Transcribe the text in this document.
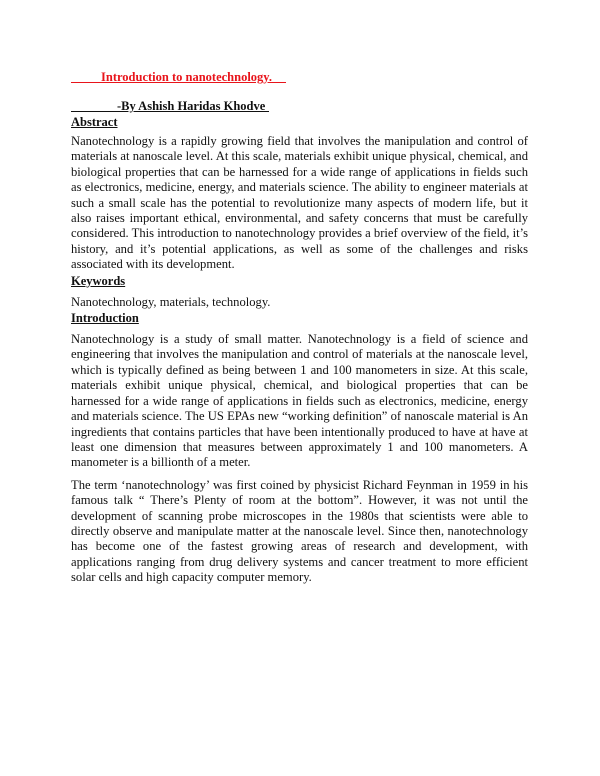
Introduction to nanotechnology.
-By Ashish Haridas Khodve
Abstract

Nanotechnology is a rapidly growing field that involves the manipulation and control of materials at nanoscale level. At this scale, materials exhibit unique physical, chemical, and biological properties that can be harnessed for a wide range of applications in fields such as electronics, medicine, energy, and materials science. The ability to engineer materials at such a small scale has the potential to revolutionize many aspects of modern life, but it also raises important ethical, environmental, and safety concerns that must be carefully considered. This introduction to nanotechnology provides a brief overview of the field, it’s history, and it’s potential applications, as well as some of the challenges and risks associated with its development.

Keywords

Nanotechnology, materials, technology.

Introduction

Nanotechnology is a study of small matter. Nanotechnology is a field of science and engineering that involves the manipulation and control of materials at the nanoscale level, which is typically defined as being between 1 and 100 manometers in size. At this scale, materials exhibit unique physical, chemical, and biological properties that can be harnessed for a wide range of applications in fields such as electronics, medicine, energy and materials science. The US EPAs new “working definition” of nanoscale material is An ingredients that contains particles that have been intentionally produced to have at have at least one dimension that measures between approximately 1 and 100 manometers. A manometer is a billionth of a meter.

The term ‘nanotechnology’ was first coined by physicist Richard Feynman in 1959 in his famous talk “ There’s Plenty of room at the bottom”. However, it was not until the development of scanning probe microscopes in the 1980s that scientists were able to directly observe and manipulate matter at the nanoscale level. Since then, nanotechnology has become one of the fastest growing areas of research and development, with applications ranging from drug delivery systems and cancer treatment to more efficient solar cells and high capacity computer memory.
